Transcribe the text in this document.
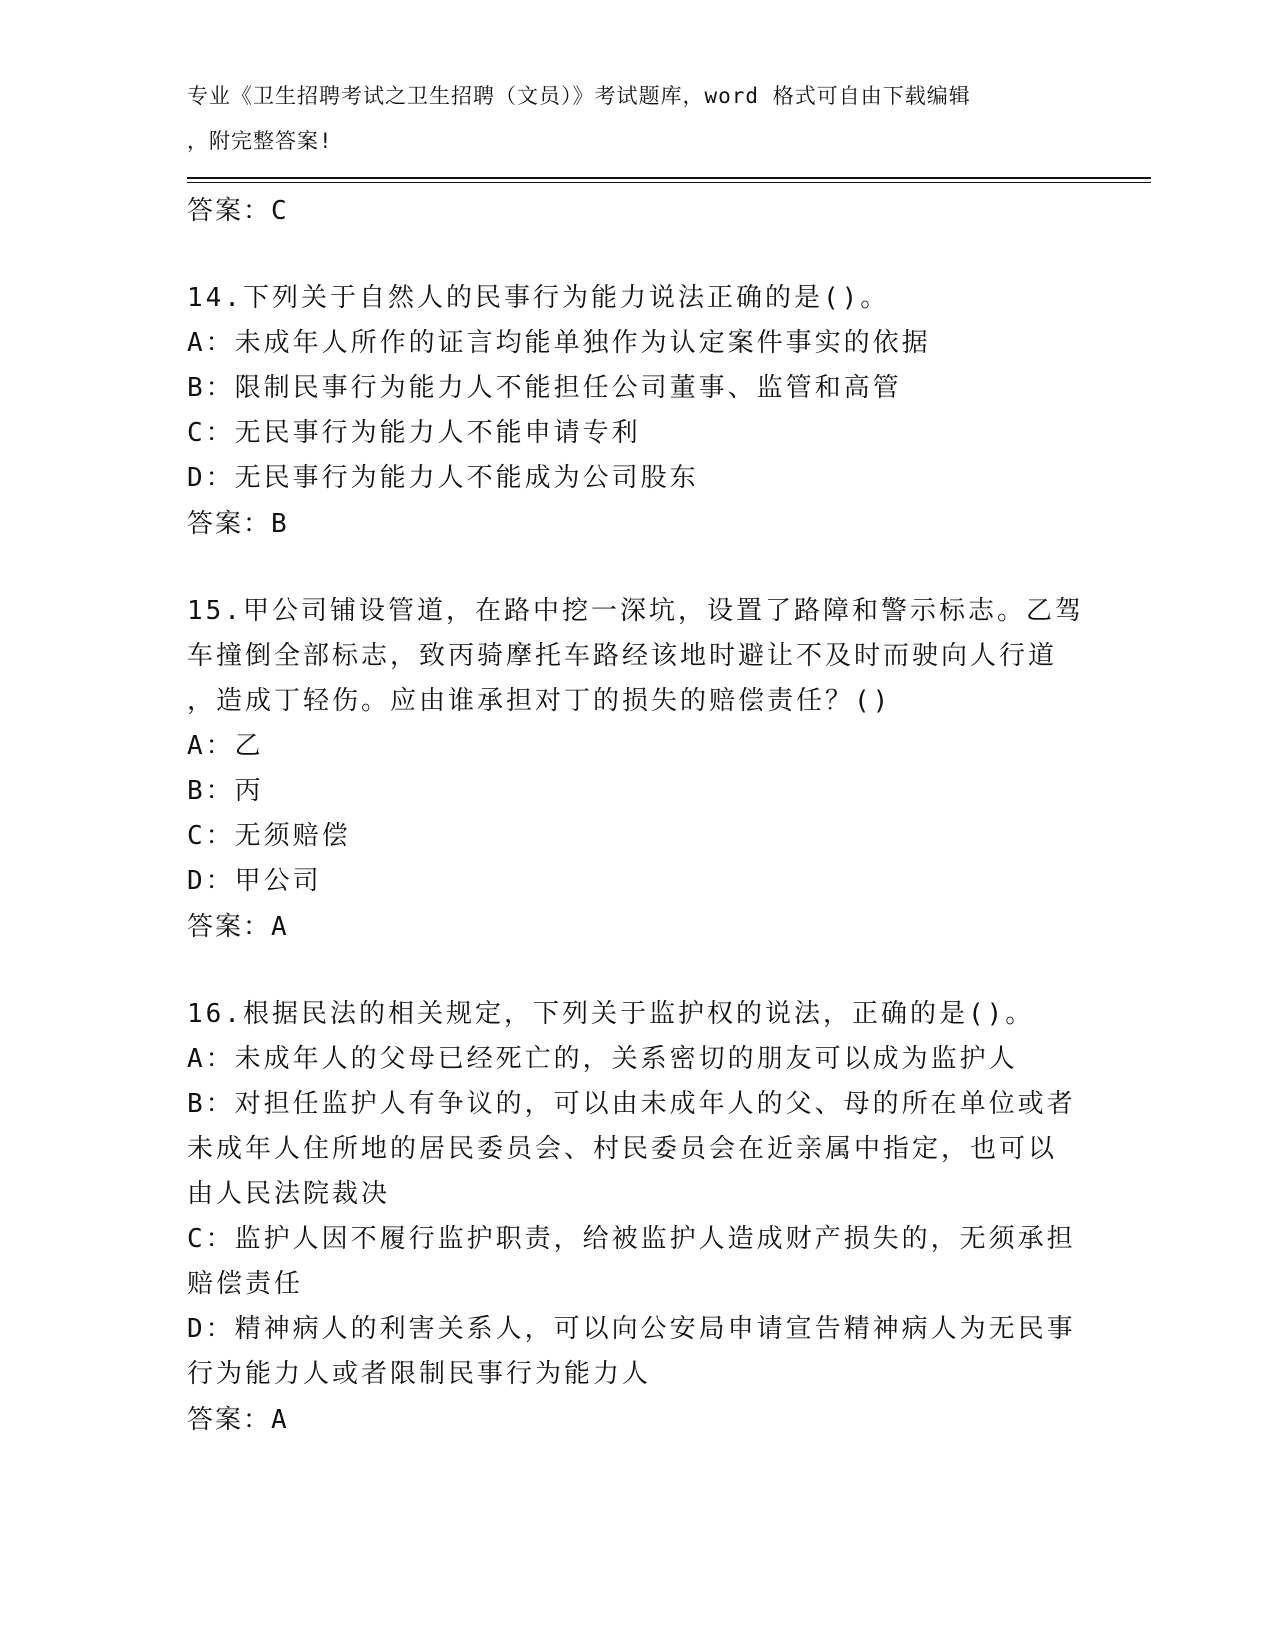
专业《卫生招聘考试之卫生招聘（文员）》考试题库，word 格式可自由下载编辑
，附完整答案!
答案：C
14.下列关于自然人的民事行为能力说法正确的是()。
A：未成年人所作的证言均能单独作为认定案件事实的依据
B：限制民事行为能力人不能担任公司董事、监管和高管
C：无民事行为能力人不能申请专利
D：无民事行为能力人不能成为公司股东
答案：B
15.甲公司铺设管道，在路中挖一深坑，设置了路障和警示标志。乙驾
车撞倒全部标志，致丙骑摩托车路经该地时避让不及时而驶向人行道
，造成丁轻伤。应由谁承担对丁的损失的赔偿责任？()
A：乙
B：丙
C：无须赔偿
D：甲公司
答案：A
16.根据民法的相关规定，下列关于监护权的说法，正确的是()。
A：未成年人的父母已经死亡的，关系密切的朋友可以成为监护人
B：对担任监护人有争议的，可以由未成年人的父、母的所在单位或者
未成年人住所地的居民委员会、村民委员会在近亲属中指定，也可以
由人民法院裁决
C：监护人因不履行监护职责，给被监护人造成财产损失的，无须承担
赔偿责任
D：精神病人的利害关系人，可以向公安局申请宣告精神病人为无民事
行为能力人或者限制民事行为能力人
答案：A
